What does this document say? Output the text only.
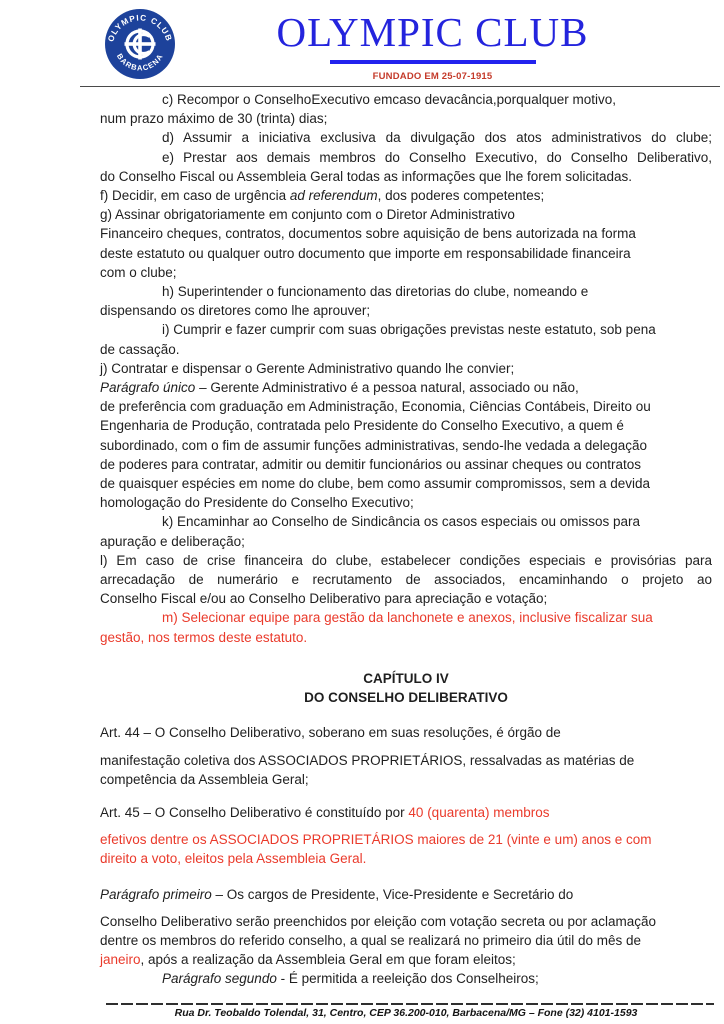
OLYMPIC CLUB
BARBACENA
OLYMPIC CLUB
FUNDADO EM 25-07-1915
c) Recompor o ConselhoExecutivo emcaso devacância,porqualquer motivo,
num prazo máximo de 30 (trinta) dias;
d) Assumir a iniciativa exclusiva da divulgação dos atos administrativos do clube;
e) Prestar aos demais membros do Conselho Executivo, do Conselho Deliberativo,
do Conselho Fiscal ou Assembleia Geral todas as informações que lhe forem solicitadas.
f) Decidir, em caso de urgência ad referendum, dos poderes competentes;
g) Assinar obrigatoriamente em conjunto com o Diretor Administrativo
Financeiro cheques, contratos, documentos sobre aquisição de bens autorizada na forma
deste estatuto ou qualquer outro documento que importe em responsabilidade financeira
com o clube;
h) Superintender o funcionamento das diretorias do clube, nomeando e
dispensando os diretores como lhe aprouver;
i) Cumprir e fazer cumprir com suas obrigações previstas neste estatuto, sob pena
de cassação.
j) Contratar e dispensar o Gerente Administrativo quando lhe convier;
Parágrafo único – Gerente Administrativo é a pessoa natural, associado ou não,
de preferência com graduação em Administração, Economia, Ciências Contábeis, Direito ou
Engenharia de Produção, contratada pelo Presidente do Conselho Executivo, a quem é
subordinado, com o fim de assumir funções administrativas, sendo-lhe vedada a delegação
de poderes para contratar, admitir ou demitir funcionários ou assinar cheques ou contratos
de quaisquer espécies em nome do clube, bem como assumir compromissos, sem a devida
homologação do Presidente do Conselho Executivo;
k) Encaminhar ao Conselho de Sindicância os casos especiais ou omissos para
apuração e deliberação;
l) Em caso de crise financeira do clube, estabelecer condições especiais e provisórias para
arrecadação de numerário e recrutamento de associados, encaminhando o projeto ao
Conselho Fiscal e/ou ao Conselho Deliberativo para apreciação e votação;
m) Selecionar equipe para gestão da lanchonete e anexos, inclusive fiscalizar sua
gestão, nos termos deste estatuto.
CAPÍTULO IV
DO CONSELHO DELIBERATIVO
Art. 44 – O Conselho Deliberativo, soberano em suas resoluções, é órgão de
manifestação coletiva dos ASSOCIADOS PROPRIETÁRIOS, ressalvadas as matérias de
competência da Assembleia Geral;
Art. 45 – O Conselho Deliberativo é constituído por 40 (quarenta) membros
efetivos dentre os ASSOCIADOS PROPRIETÁRIOS maiores de 21 (vinte e um) anos e com
direito a voto, eleitos pela Assembleia Geral.
Parágrafo primeiro – Os cargos de Presidente, Vice-Presidente e Secretário do
Conselho Deliberativo serão preenchidos por eleição com votação secreta ou por aclamação
dentre os membros do referido conselho, a qual se realizará no primeiro dia útil do mês de
janeiro, após a realização da Assembleia Geral em que foram eleitos;
Parágrafo segundo - É permitida a reeleição dos Conselheiros;
Rua Dr. Teobaldo Tolendal, 31, Centro, CEP 36.200-010, Barbacena/MG – Fone (32) 4101-1593
